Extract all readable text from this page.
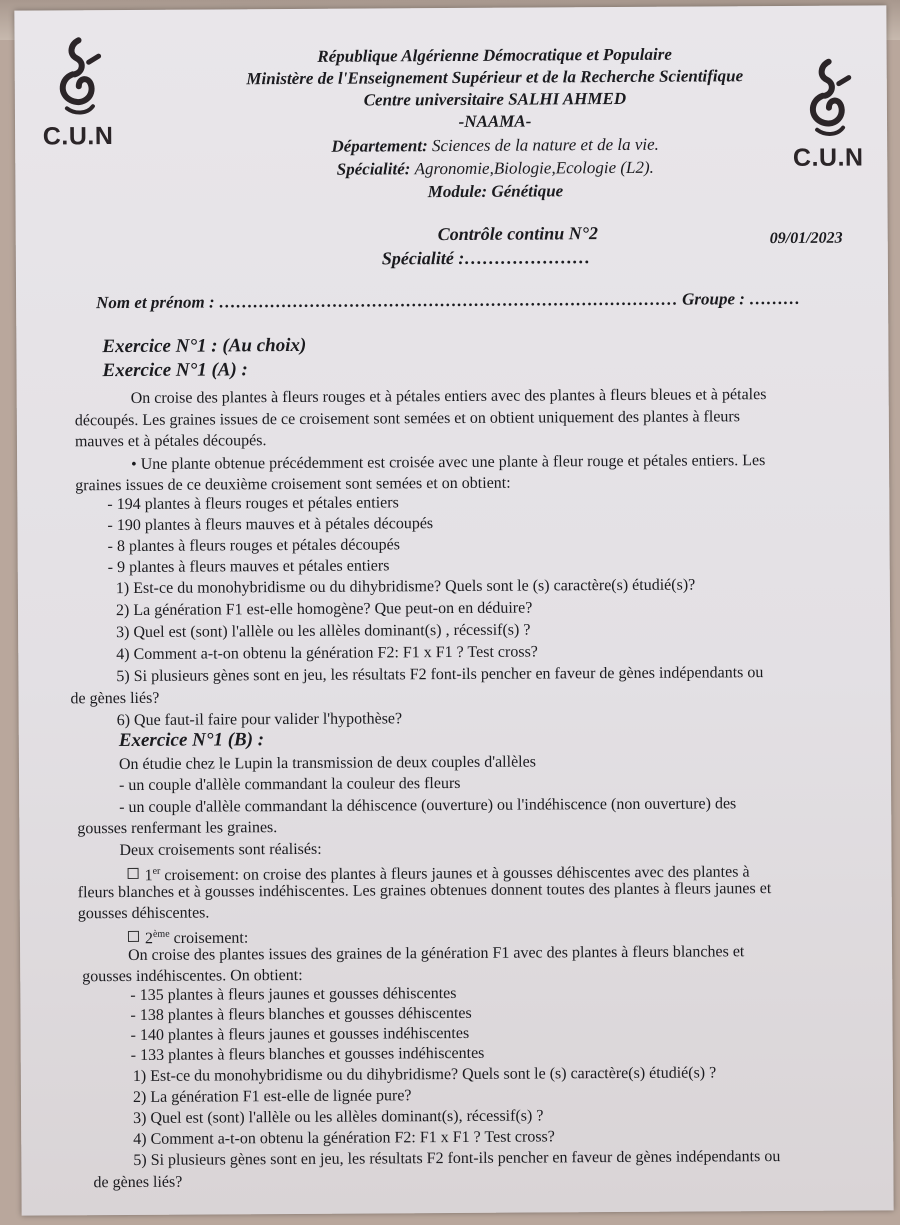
C.U.N
C.U.N
République Algérienne Démocratique et Populaire
Ministère de l'Enseignement Supérieur et de la Recherche Scientifique
Centre universitaire SALHI AHMED
-NAAMA-
Département: Sciences de la nature et de la vie.
Spécialité: Agronomie,Biologie,Ecologie (L2).
Module: Génétique
Contrôle continu N°2	09/01/2023
Spécialité :…………………
Nom et prénom : ……………………………………………………………………… Groupe : ………
Exercice N°1 : (Au choix)
Exercice N°1 (A) :
On croise des plantes à fleurs rouges et à pétales entiers avec des plantes à fleurs bleues et à pétales
découpés. Les graines issues de ce croisement sont semées et on obtient uniquement des plantes à fleurs
mauves et à pétales découpés.
• Une plante obtenue précédemment est croisée avec une plante à fleur rouge et pétales entiers. Les
graines issues de ce deuxième croisement sont semées et on obtient:
- 194 plantes à fleurs rouges et pétales entiers
- 190 plantes à fleurs mauves et à pétales découpés
- 8 plantes à fleurs rouges et pétales découpés
- 9 plantes à fleurs mauves et pétales entiers
1) Est-ce du monohybridisme ou du dihybridisme? Quels sont le (s) caractère(s) étudié(s)?
2) La génération F1 est-elle homogène? Que peut-on en déduire?
3) Quel est (sont) l'allèle ou les allèles dominant(s) , récessif(s) ?
4) Comment a-t-on obtenu la génération F2: F1 x F1 ? Test cross?
5) Si plusieurs gènes sont en jeu, les résultats F2 font-ils pencher en faveur de gènes indépendants ou
de gènes liés?
6) Que faut-il faire pour valider l'hypothèse?
Exercice N°1 (B) :
On étudie chez le Lupin la transmission de deux couples d'allèles
- un couple d'allèle commandant la couleur des fleurs
- un couple d'allèle commandant la déhiscence (ouverture) ou l'indéhiscence (non ouverture) des
gousses renfermant les graines.
Deux croisements sont réalisés:
1er croisement: on croise des plantes à fleurs jaunes et à gousses déhiscentes avec des plantes à
fleurs blanches et à gousses indéhiscentes. Les graines obtenues donnent toutes des plantes à fleurs jaunes et
gousses déhiscentes.
2ème croisement:
On croise des plantes issues des graines de la génération F1 avec des plantes à fleurs blanches et
gousses indéhiscentes. On obtient:
- 135 plantes à fleurs jaunes et gousses déhiscentes
- 138 plantes à fleurs blanches et gousses déhiscentes
- 140 plantes à fleurs jaunes et gousses indéhiscentes
- 133 plantes à fleurs blanches et gousses indéhiscentes
1) Est-ce du monohybridisme ou du dihybridisme? Quels sont le (s) caractère(s) étudié(s) ?
2) La génération F1 est-elle de lignée pure?
3) Quel est (sont) l'allèle ou les allèles dominant(s), récessif(s) ?
4) Comment a-t-on obtenu la génération F2: F1 x F1 ? Test cross?
5) Si plusieurs gènes sont en jeu, les résultats F2 font-ils pencher en faveur de gènes indépendants ou
de gènes liés?
